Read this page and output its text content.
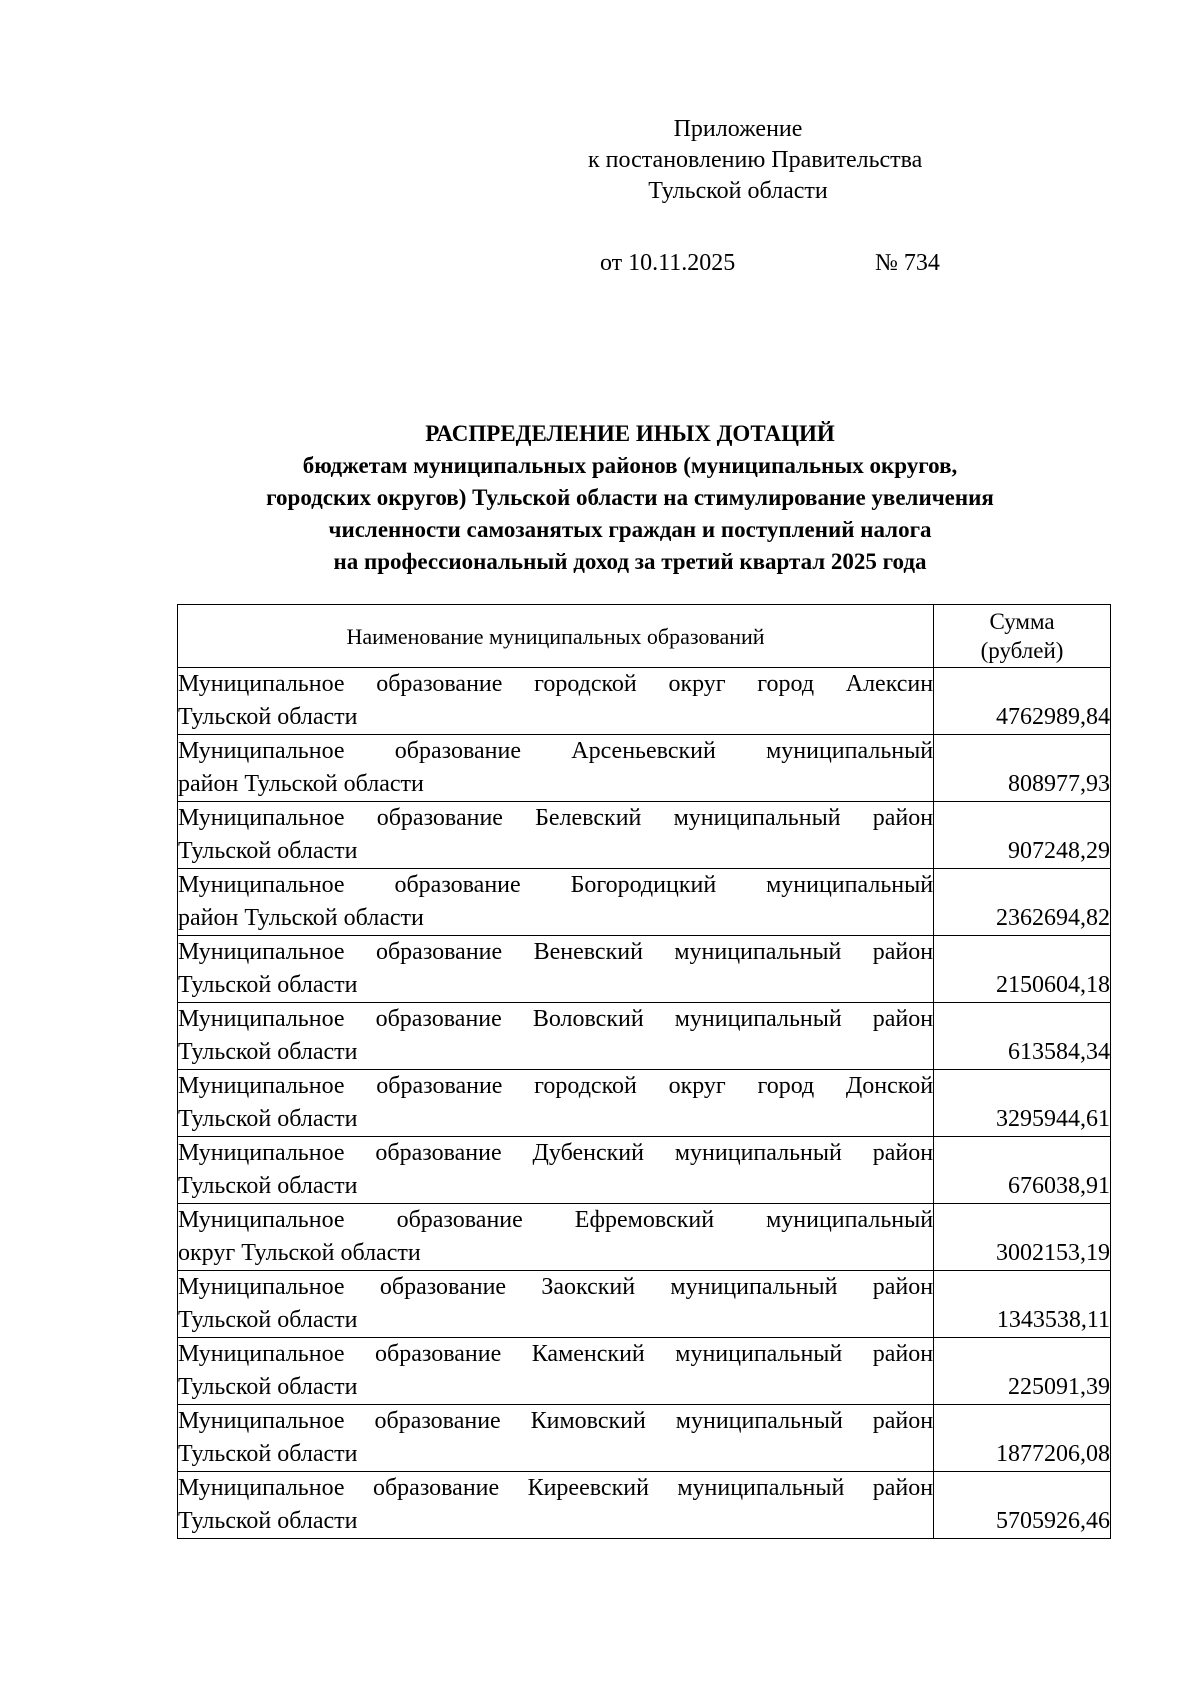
Приложение
к постановлению Правительства
Тульской области
от 10.11.2025	№ 734
РАСПРЕДЕЛЕНИЕ ИНЫХ ДОТАЦИЙ
бюджетам муниципальных районов (муниципальных округов,
городских округов) Тульской области на стимулирование увеличения
численности самозанятых граждан и поступлений налога
на профессиональный доход за третий квартал 2025 года
Наименование муниципальных образований	Сумма
(рублей)

Муниципальное образование городской округ город Алексин
Тульской области	4762989,84

Муниципальное образование Арсеньевский муниципальный
район Тульской области	808977,93

Муниципальное образование Белевский муниципальный район
Тульской области	907248,29

Муниципальное образование Богородицкий муниципальный
район Тульской области	2362694,82

Муниципальное образование Веневский муниципальный район
Тульской области	2150604,18

Муниципальное образование Воловский муниципальный район
Тульской области	613584,34

Муниципальное образование городской округ город Донской
Тульской области	3295944,61

Муниципальное образование Дубенский муниципальный район
Тульской области	676038,91

Муниципальное образование Ефремовский муниципальный
округ Тульской области	3002153,19

Муниципальное образование Заокский муниципальный район
Тульской области	1343538,11

Муниципальное образование Каменский муниципальный район
Тульской области	225091,39

Муниципальное образование Кимовский муниципальный район
Тульской области	1877206,08

Муниципальное образование Киреевский муниципальный район
Тульской области	5705926,46
